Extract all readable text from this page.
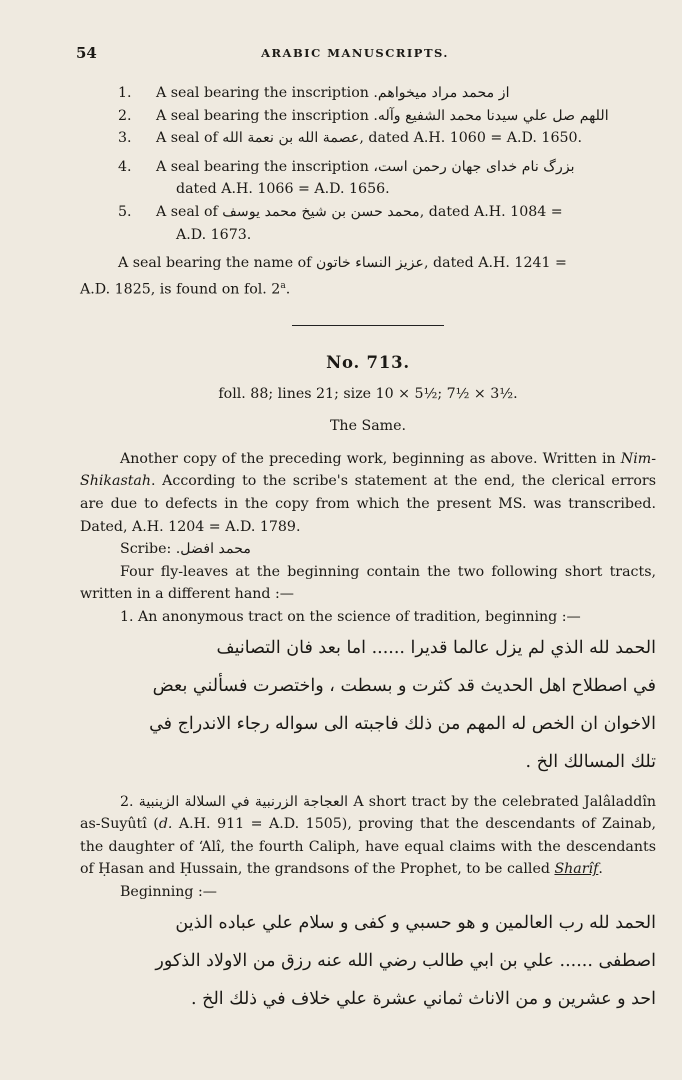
54	ARABIC MANUSCRIPTS.
1.	A seal bearing the inscription از محمد مراد میخواهم.
2.	A seal bearing the inscription اللهم صل علي سيدنا محمد الشفيع وآله.
3.	A seal of عصمة الله بن نعمة الله, dated A.H. 1060 = A.D. 1650.
4.	A seal bearing the inscription بزرگ نام خدای جهان رحمن است،

dated A.H. 1066 = A.D. 1656.

5.	A seal of محمد حسن بن شيخ محمد يوسف, dated A.H. 1084 =

A.D. 1673.

A seal bearing the name of عزيز النساء خاتون, dated A.H. 1241 =

A.D. 1825, is found on fol. 2$^a$.

No. 713.

foll. 88; lines 21; size 10 × 5½; 7½ × 3½.

The Same.

Another copy of the preceding work, beginning as above. Written in Nim-Shikastah. According to the scribe's statement at the end, the clerical errors are due to defects in the copy from which the present MS. was transcribed. Dated, A.H. 1204 = A.D. 1789.

Scribe: محمد افضل.

Four fly-leaves at the beginning contain the two following short tracts, written in a different hand :—

1. An anonymous tract on the science of tradition, beginning :—

الحمد لله الذي لم يزل عالما قديرا ...... اما بعد فان التصانيف
في اصطلاح اهل الحديث قد كثرت و بسطت ، واختصرت فسألني بعض
الاخوان ان الخص له المهم من ذلك فاجبته الى سواله رجاء الاندراج في
تلك المسالك الخ .

2. العجاجة الزرنبية في السلالة الزينبية A short tract by the celebrated Jalâladdîn as-Suyûtî (d. A.H. 911 = A.D. 1505), proving that the descendants of Zainab, the daughter of ‘Alî, the fourth Caliph, have equal claims with the descendants of Ḥasan and Ḥussain, the grandsons of the Prophet, to be called Sharîf.

Beginning :—

الحمد لله رب العالمين و هو حسبي و كفى و سلام علي عباده الذين
اصطفى ...... علي بن ابي طالب رضي الله عنه رزق من الاولاد الذكور
احد و عشرين و من الاناث ثماني عشرة علي خلاف في ذلك الخ .
